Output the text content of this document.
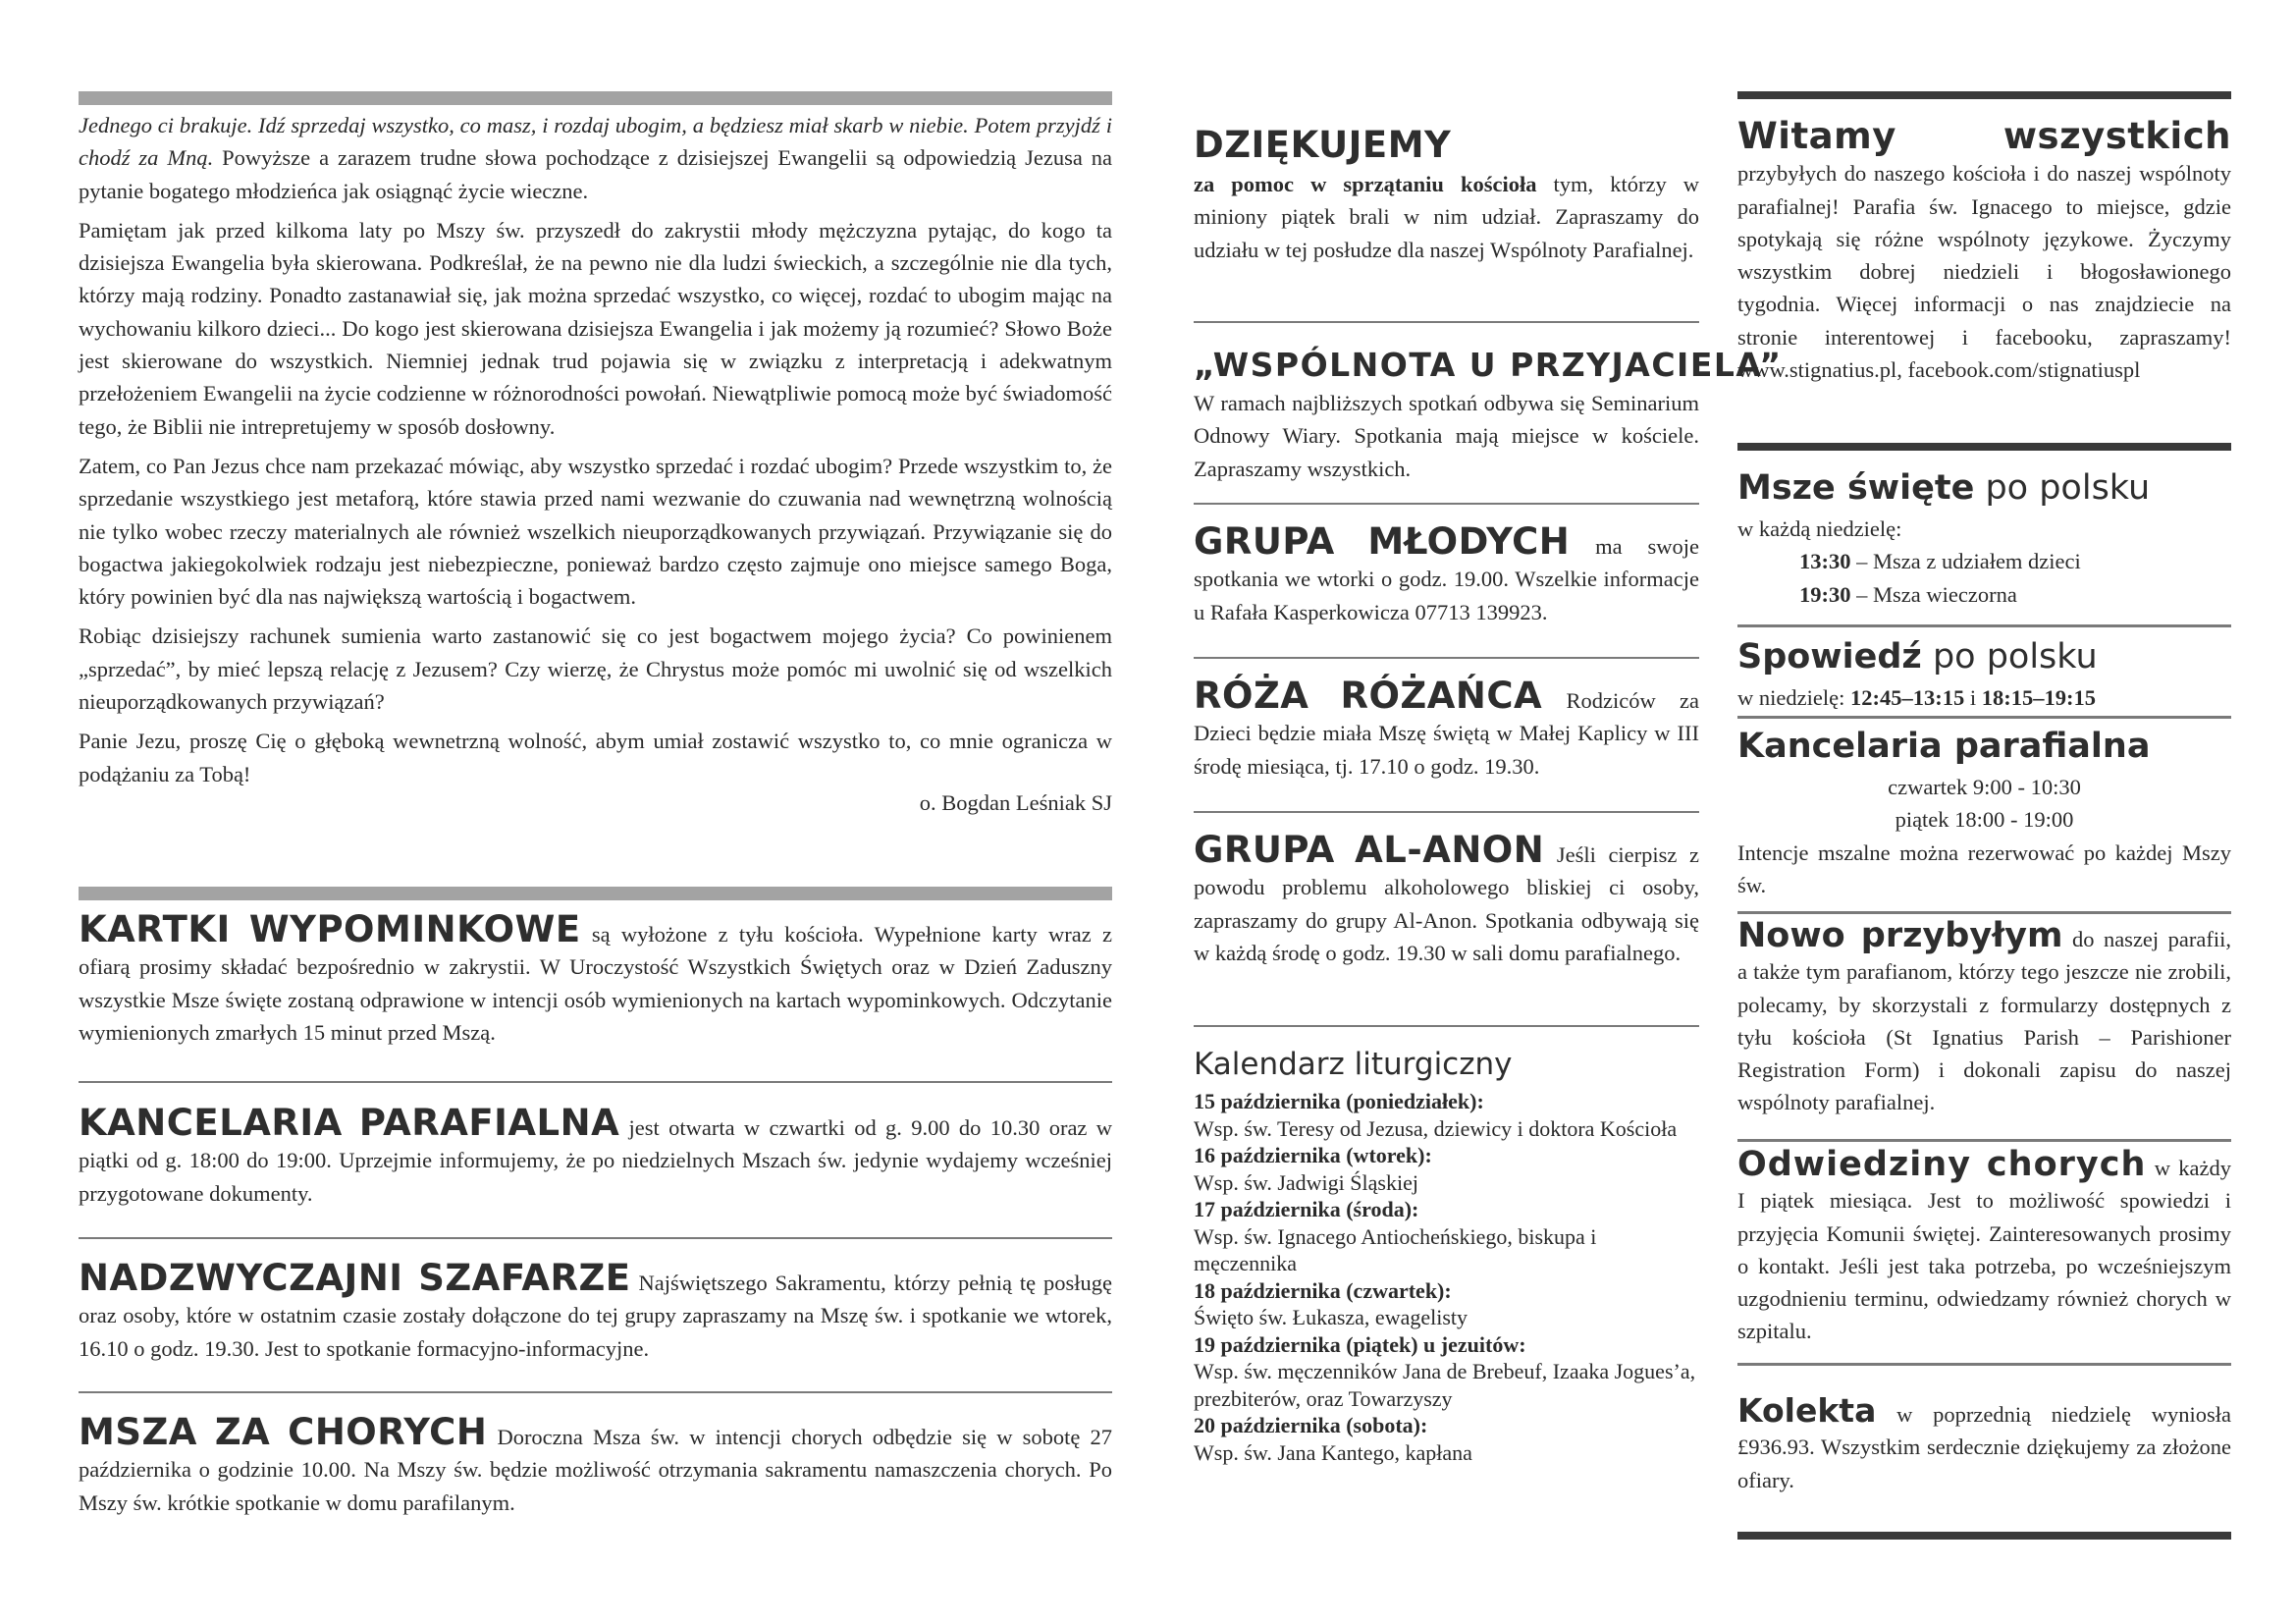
Jednego ci brakuje. Idź sprzedaj wszystko, co masz, i rozdaj ubogim, a będziesz miał skarb w niebie. Potem przyjdź i chodź za Mną. Powyższe a zarazem trudne słowa pochodzące z dzisiejszej Ewangelii są odpowiedzią Jezusa na pytanie bogatego młodzieńca jak osiągnąć życie wieczne.

Pamiętam jak przed kilkoma laty po Mszy św. przyszedł do zakrystii młody mężczyzna pytając, do kogo ta dzisiejsza Ewangelia była skierowana. Podkreślał, że na pewno nie dla ludzi świeckich, a szczególnie nie dla tych, którzy mają rodziny. Ponadto zastanawiał się, jak można sprzedać wszystko, co więcej, rozdać to ubogim mając na wychowaniu kilkoro dzieci... Do kogo jest skierowana dzisiejsza Ewangelia i jak możemy ją rozumieć? Słowo Boże jest skierowane do wszystkich. Niemniej jednak trud pojawia się w związku z interpretacją i adekwatnym przełożeniem Ewangelii na życie codzienne w różnorodności powołań. Niewątpliwie pomocą może być świadomość tego, że Biblii nie intrepretujemy w sposób dosłowny.

Zatem, co Pan Jezus chce nam przekazać mówiąc, aby wszystko sprzedać i rozdać ubogim? Przede wszystkim to, że sprzedanie wszystkiego jest metaforą, które stawia przed nami wezwanie do czuwania nad wewnętrzną wolnością nie tylko wobec rzeczy materialnych ale również wszelkich nieuporządkowanych przywiązań. Przywiązanie się do bogactwa jakiegokolwiek rodzaju jest niebezpieczne, ponieważ bardzo często zajmuje ono miejsce samego Boga, który powinien być dla nas największą wartością i bogactwem.

Robiąc dzisiejszy rachunek sumienia warto zastanowić się co jest bogactwem mojego życia? Co powinienem „sprzedać”, by mieć lepszą relację z Jezusem? Czy wierzę, że Chrystus może pomóc mi uwolnić się od wszelkich nieuporządkowanych przywiązań?

Panie Jezu, proszę Cię o głęboką wewnetrzną wolność, abym umiał zostawić wszystko to, co mnie ogranicza w podążaniu za Tobą!

o. Bogdan Leśniak SJ

KARTKI WYPOMINKOWE są wyłożone z tyłu kościoła. Wypełnione karty wraz z ofiarą prosimy składać bezpośrednio w zakrystii. W Uroczystość Wszystkich Świętych oraz w Dzień Zaduszny wszystkie Msze święte zostaną odprawione w intencji osób wymienionych na kartach wypominkowych. Odczytanie wymienionych zmarłych 15 minut przed Mszą.
KANCELARIA PARAFIALNA jest otwarta w czwartki od g. 9.00 do 10.30 oraz w piątki od g. 18:00 do 19:00. Uprzejmie informujemy, że po niedzielnych Mszach św. jedynie wydajemy wcześniej przygotowane dokumenty.
NADZWYCZAJNI SZAFARZE Najświętszego Sakramentu, którzy pełnią tę posługę oraz osoby, które w ostatnim czasie zostały dołączone do tej grupy zapraszamy na Mszę św. i spotkanie we wtorek, 16.10 o godz. 19.30. Jest to spotkanie formacyjno-informacyjne.
MSZA ZA CHORYCH Doroczna Msza św. w intencji chorych odbędzie się w sobotę 27 października o godzinie 10.00. Na Mszy św. będzie możliwość otrzymania sakramentu namaszczenia chorych. Po Mszy św. krótkie spotkanie w domu parafilanym.
DZIĘKUJEMY
za pomoc w sprzątaniu kościoła tym, którzy w miniony piątek brali w nim udział. Zapraszamy do udziału w tej posłudze dla naszej Wspólnoty Parafialnej.
„WSPÓLNOTA U PRZYJACIELA”
W ramach najbliższych spotkań odbywa się Seminarium Odnowy Wiary. Spotkania mają miejsce w kościele. Zapraszamy wszystkich.
GRUPA MŁODYCH ma swoje spotkania we wtorki o godz. 19.00. Wszelkie informacje u Rafała Kasperkowicza 07713 139923.
RÓŻA RÓŻAŃCA Rodziców za Dzieci będzie miała Mszę świętą w Małej Kaplicy w III środę miesiąca, tj. 17.10 o godz. 19.30.
GRUPA AL-ANON Jeśli cierpisz z powodu problemu alkoholowego bliskiej ci osoby, zapraszamy do grupy Al-Anon. Spotkania odbywają się w każdą środę o godz. 19.30 w sali domu parafialnego.
Kalendarz liturgiczny
15 października (poniedziałek):
Wsp. św. Teresy od Jezusa, dziewicy i doktora Kościoła
16 października (wtorek):
Wsp. św. Jadwigi Śląskiej
17 października (środa):
Wsp. św. Ignacego Antiocheńskiego, biskupa i męczennika
18 października (czwartek):
Święto św. Łukasza, ewagelisty
19 października (piątek) u jezuitów:
Wsp. św. męczenników Jana de Brebeuf, Izaaka Jogues’a, prezbiterów, oraz Towarzyszy
20 października (sobota):
Wsp. św. Jana Kantego, kapłana
Witamy wszystkich przybyłych do naszego kościoła i do naszej wspólnoty parafialnej! Parafia św. Ignacego to miejsce, gdzie spotykają się różne wspólnoty językowe. Życzymy wszystkim dobrej niedzieli i błogosławionego tygodnia. Więcej informacji o nas znajdziecie na stronie interentowej i facebooku, zapraszamy! www.stignatius.pl, facebook.com/stignatiuspl
Msze święte po polsku
w każdą niedzielę:
13:30 – Msza z udziałem dzieci
19:30 – Msza wieczorna
Spowiedź po polsku
w niedzielę: 12:45–13:15 i 18:15–19:15
Kancelaria parafialna
czwartek 9:00 - 10:30
piątek 18:00 - 19:00
Intencje mszalne można rezerwować po każdej Mszy św.
Nowo przybyłym do naszej parafii, a także tym parafianom, którzy tego jeszcze nie zrobili, polecamy, by skorzystali z formularzy dostępnych z tyłu kościoła (St Ignatius Parish – Parishioner Registration Form) i dokonali zapisu do naszej wspólnoty parafialnej.
Odwiedziny chorych w każdy I piątek miesiąca. Jest to możliwość spowiedzi i przyjęcia Komunii świętej. Zainteresowanych prosimy o kontakt. Jeśli jest taka potrzeba, po wcześniejszym uzgodnieniu terminu, odwiedzamy również chorych w szpitalu.
Kolekta w poprzednią niedzielę wyniosła £936.93. Wszystkim serdecznie dziękujemy za złożone ofiary.
